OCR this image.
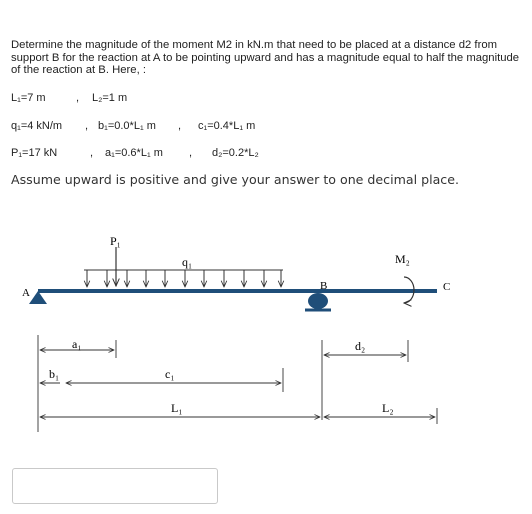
Determine the magnitude of the moment M2 in kN.m that need to be placed at a distance d2 from support B for the reaction at A to be pointing upward and has a magnitude equal to half the magnitude of the reaction at B. Here, :

L₁=7 m	, L₂=1 m
q₁=4 kN/m , b₁=0.0*L₁ m , c₁=0.4*L₁ m
P₁=17 kN	, a₁=0.6*L₁ m , d₂=0.2*L₂
Assume upward is positive and give your answer to one decimal place.
A
B	C
P₁
q₁	M₂
a₁
b₁	c₁
d₂
L₁	L₂
